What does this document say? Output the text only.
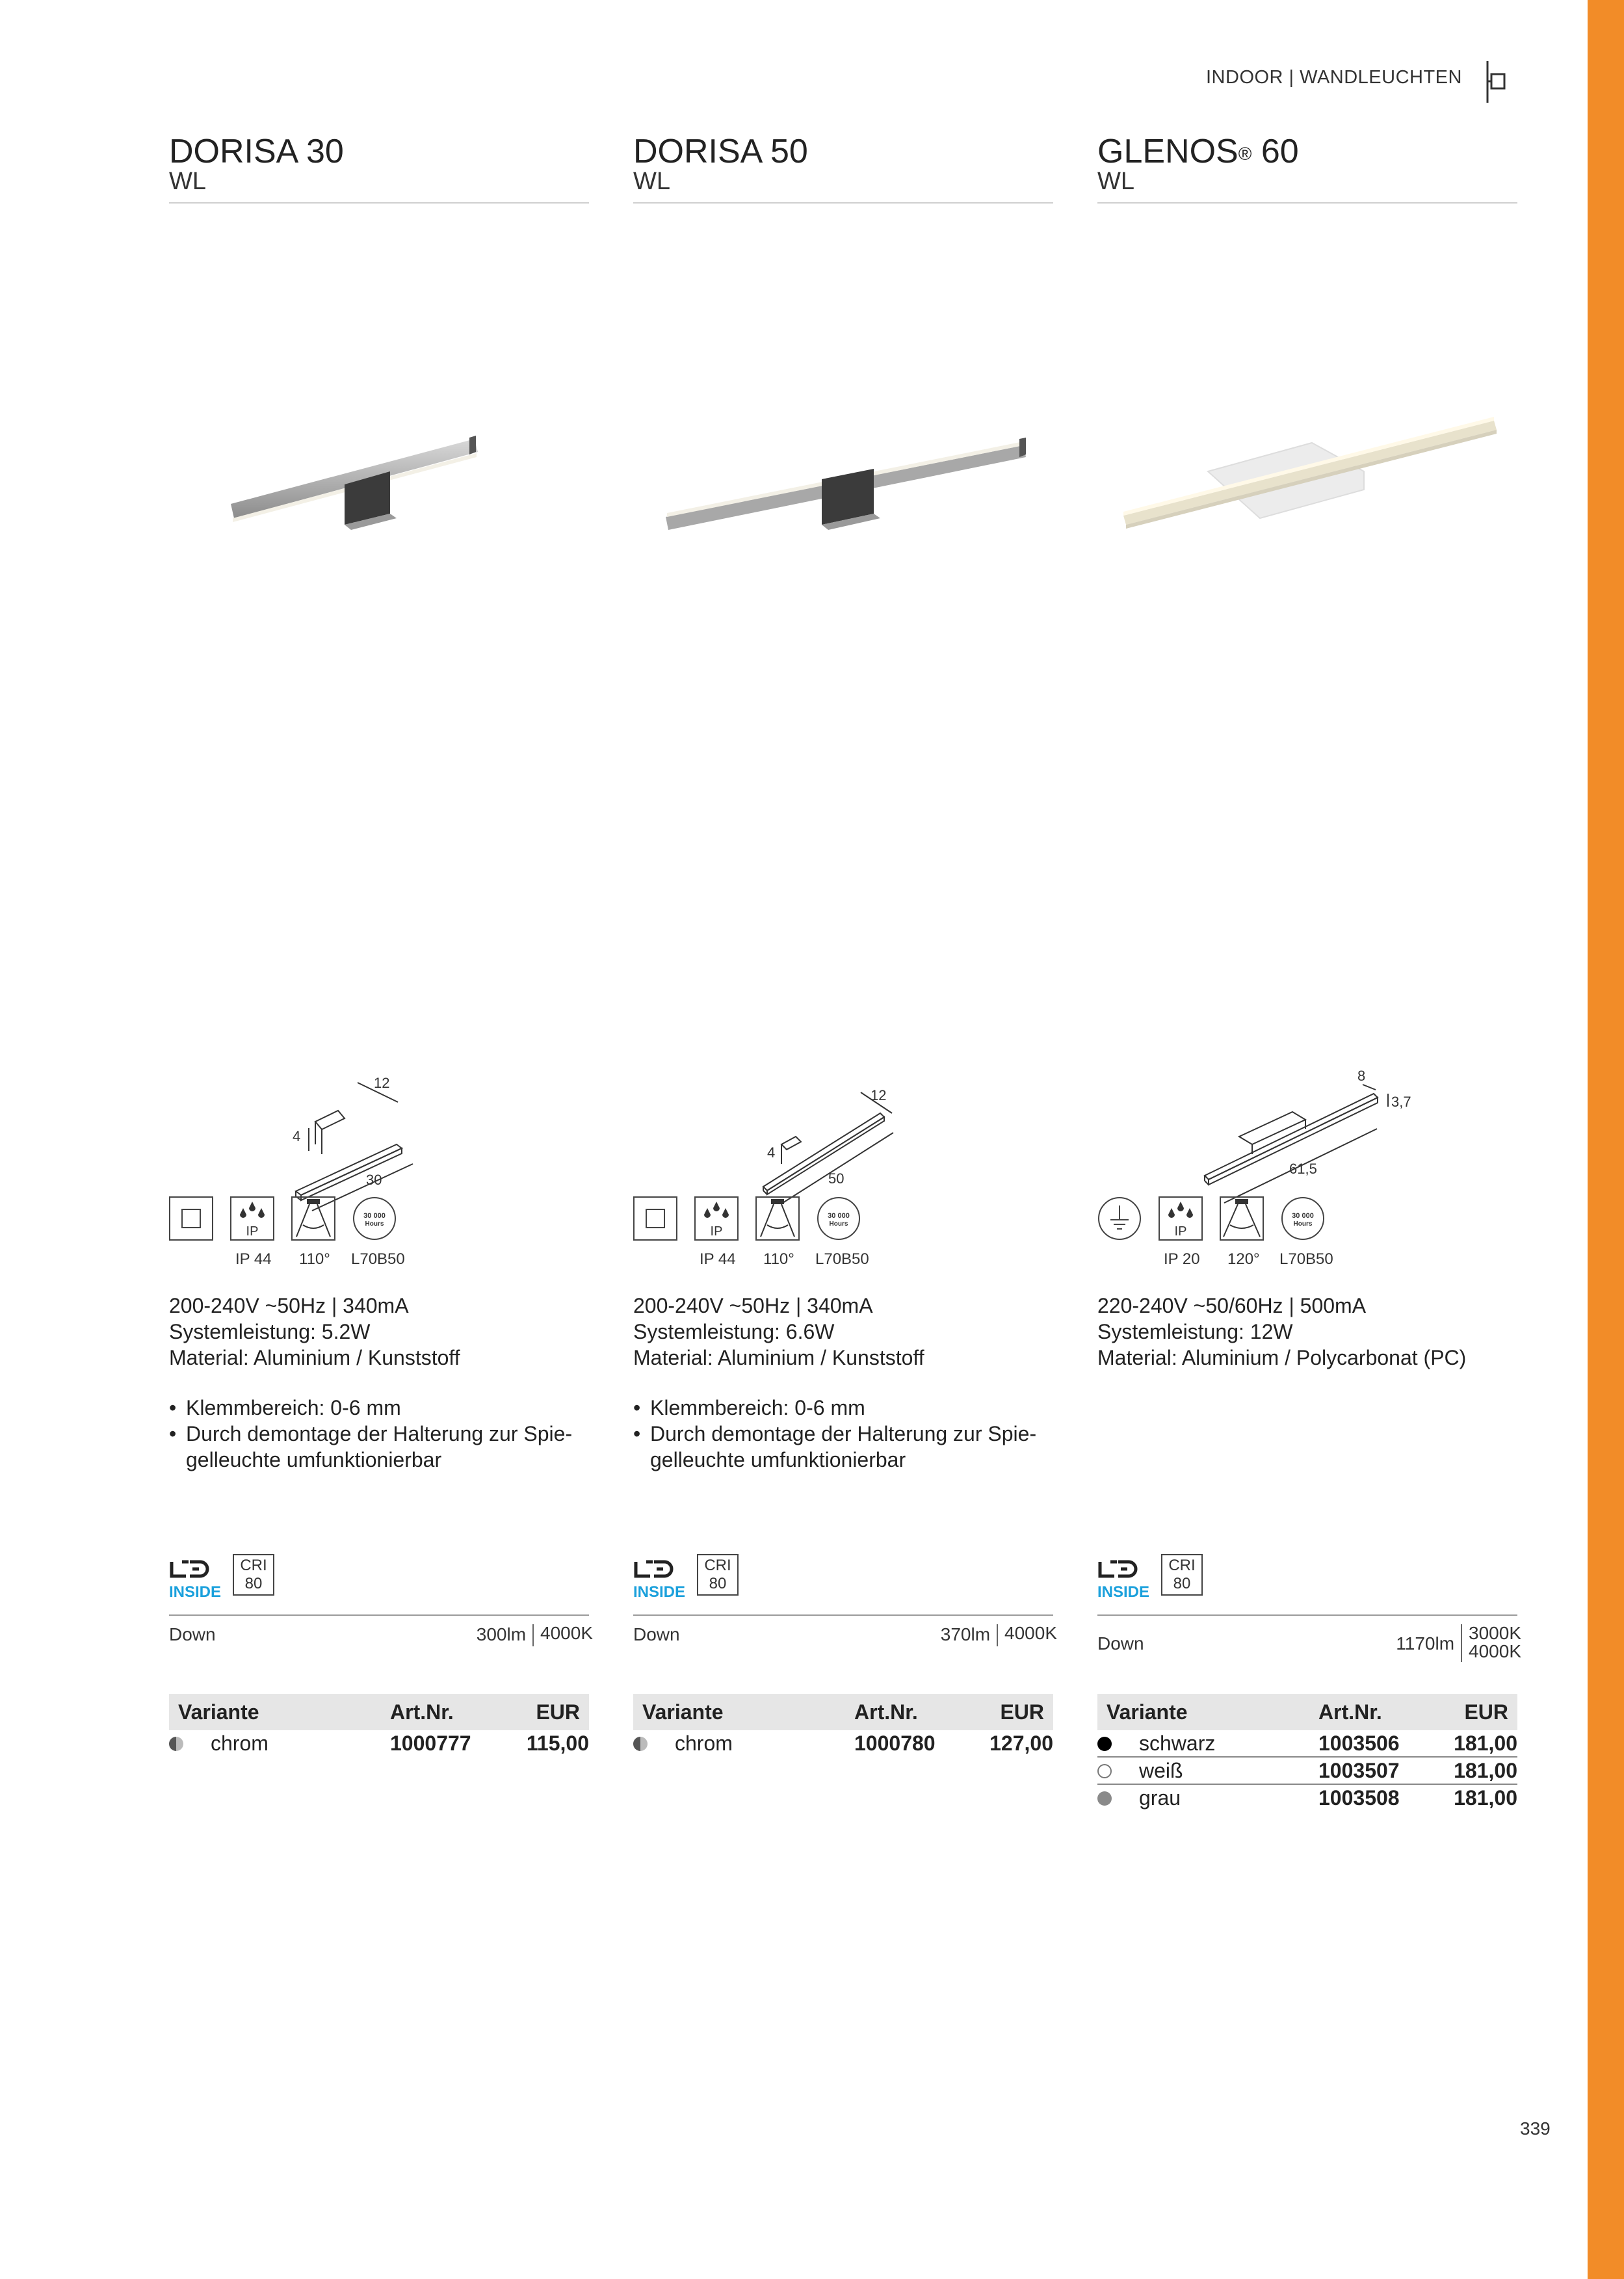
INDOOR | WANDLEUCHTEN
339
DORISA 30
WL
12
4
30
IP
30 000
Hours
IP 44 110° L70B50
200-240V ~50Hz | 340mA
Systemleistung: 5.2W
Material: Aluminium / Kunststoff
• Klemmbereich: 0-6 mm
• Durch demontage der Halterung zur Spie-
gelleuchte umfunktionierbar
INSIDE
CRI
80
Down	300lm 4000K
Variante	Art.Nr.	EUR
chrom	1000777	115,00
DORISA 50
WL
12
4
50
IP
30 000
Hours
IP 44 110° L70B50
200-240V ~50Hz | 340mA
Systemleistung: 6.6W
Material: Aluminium / Kunststoff
• Klemmbereich: 0-6 mm
• Durch demontage der Halterung zur Spie-
gelleuchte umfunktionierbar
INSIDE
CRI
80
Down	370lm 4000K
Variante	Art.Nr.	EUR
chrom	1000780	127,00
GLENOS® 60
WL
8
3,7
61,5
IP
30 000
Hours
IP 20 120° L70B50
220-240V ~50/60Hz | 500mA
Systemleistung: 12W
Material: Aluminium / Polycarbonat (PC)
INSIDE
CRI
80
Down	1170lm
3000K
4000K
Variante	Art.Nr.	EUR
schwarz	1003506	181,00
weiß	1003507	181,00
grau	1003508	181,00
